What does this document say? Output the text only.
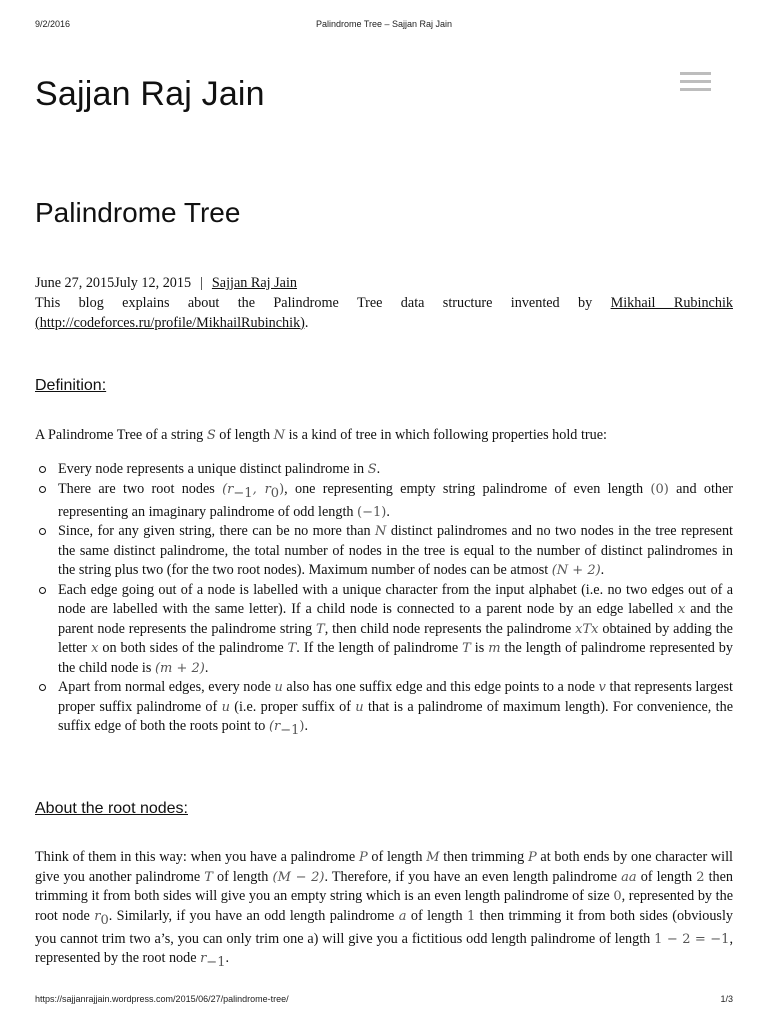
9/2/2016	Palindrome Tree – Sajjan Raj Jain
Sajjan Raj Jain
Palindrome Tree
June 27, 2015July 12, 2015 | Sajjan Raj Jain
This blog explains about the Palindrome Tree data structure invented by Mikhail Rubinchik (http://codeforces.ru/profile/MikhailRubinchik).
Definition:
A Palindrome Tree of a string S of length N is a kind of tree in which following properties hold true:
Every node represents a unique distinct palindrome in S.
There are two root nodes ($r_{-1}$, $r_0$), one representing empty string palindrome of even length (0) and other representing an imaginary palindrome of odd length (−1).
Since, for any given string, there can be no more than N distinct palindromes and no two nodes in the tree represent the same distinct palindrome, the total number of nodes in the tree is equal to the number of distinct palindromes in the string plus two (for the two root nodes). Maximum number of nodes can be atmost (N + 2).
Each edge going out of a node is labelled with a unique character from the input alphabet (i.e. no two edges out of a node are labelled with the same letter). If a child node is connected to a parent node by an edge labelled x and the parent node represents the palindrome string T, then child node represents the palindrome xTx obtained by adding the letter x on both sides of the palindrome T. If the length of palindrome T is m the length of palindrome represented by the child node is (m + 2).
Apart from normal edges, every node u also has one suffix edge and this edge points to a node v that represents largest proper suffix palindrome of u (i.e. proper suffix of u that is a palindrome of maximum length). For convenience, the suffix edge of both the roots point to $(r_{-1})$.
About the root nodes:
Think of them in this way: when you have a palindrome P of length M then trimming P at both ends by one character will give you another palindrome T of length (M − 2). Therefore, if you have an even length palindrome aa of length 2 then trimming it from both sides will give you an empty string which is an even length palindrome of size 0, represented by the root node $r_0$. Similarly, if you have an odd length palindrome a of length 1 then trimming it from both sides (obviously you cannot trim two a’s, you can only trim one a) will give you a fictitious odd length palindrome of length 1 − 2 = −1, represented by the root node $r_{-1}$.
https://sajjanrajjain.wordpress.com/2015/06/27/palindrome-tree/	1/3
